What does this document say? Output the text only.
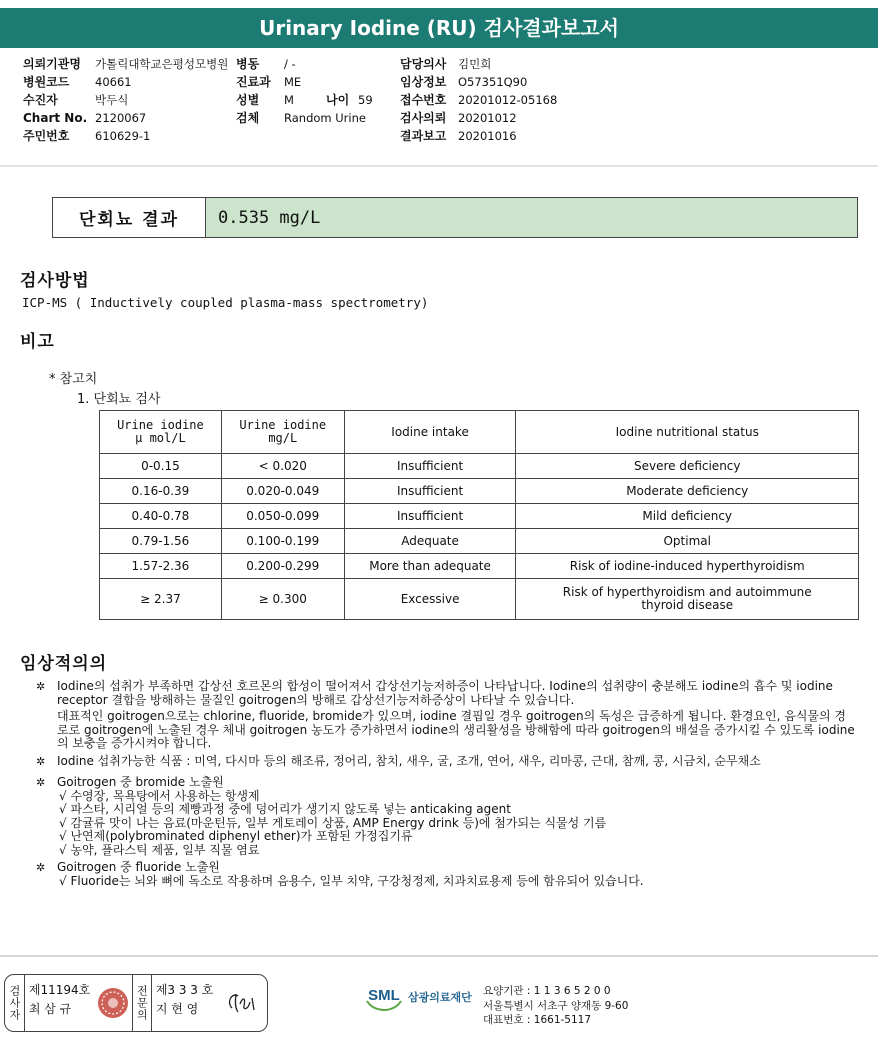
Urinary Iodine (RU) 검사결과보고서
의뢰기관명 가톨릭대학교은평성모병원
병원코드 40661
수진자	박두식
Chart No. 2120067
주민번호 610629-1
병동 / -
진료과 ME
성별 M	나이 59
검체 Random Urine
담당의사 김민희
임상정보 O57351Q90
접수번호 20201012-05168
검사의뢰 20201012
결과보고 20201016
단회뇨 결과	0.535 mg/L
검사방법
ICP-MS ( Inductively coupled plasma-mass spectrometry)
비고
* 참고치
1. 단회뇨 검사
Urine iodine
μ mol/L	Urine iodine
mg/L	Iodine intake	Iodine nutritional status
0-0.15	< 0.020	Insufficient	Severe deficiency
0.16-0.39	0.020-0.049	Insufficient	Moderate deficiency
0.40-0.78	0.050-0.099	Insufficient	Mild deficiency
0.79-1.56	0.100-0.199	Adequate	Optimal
1.57-2.36	0.200-0.299	More than adequate	Risk of iodine-induced hyperthyroidism
≥ 2.37	≥ 0.300	Excessive	Risk of hyperthyroidism and autoimmune
thyroid disease
임상적의의
✲ Iodine의 섭취가 부족하면 갑상선 호르몬의 합성이 떨어져서 갑상선기능저하증이 나타납니다. Iodine의 섭취량이 충분해도 iodine의 흡수 및 iodine receptor 결합을 방해하는 물질인 goitrogen의 방해로 갑상선기능저하증상이 나타날 수 있습니다.

대표적인 goitrogen으로는 chlorine, fluoride, bromide가 있으며, iodine 결핍일 경우 goitrogen의 독성은 급증하게 됩니다. 환경요인, 음식물의 경로로 goitrogen에 노출된 경우 체내 goitrogen 농도가 증가하면서 iodine의 생리활성을 방해함에 따라 goitrogen의 배설을 증가시킬 수 있도록 iodine의 보충을 증가시켜야 합니다.

✲ Iodine 섭취가능한 식품 : 미역, 다시마 등의 해조류, 정어리, 참치, 새우, 굴, 조개, 연어, 새우, 리마콩, 근대, 참깨, 콩, 시금치, 순무채소

✲ Goitrogen 중 bromide 노출원
√ 수영장, 목욕탕에서 사용하는 항생제
√ 파스타, 시리얼 등의 제빵과정 중에 덩어리가 생기지 않도록 넣는 anticaking agent
√ 감귤류 맛이 나는 음료(마운틴듀, 일부 게토레이 상품, AMP Energy drink 등)에 첨가되는 식물성 기름
√ 난연제(polybrominated diphenyl ether)가 포함된 가정집기류
√ 농약, 플라스틱 제품, 일부 직물 염료
✲ Goitrogen 중 fluoride 노출원
√ Fluoride는 뇌와 뼈에 독소로 작용하며 음용수, 일부 치약, 구강청정제, 치과치료용제 등에 함유되어 있습니다.
검사자 제11194호
최 삼 규	전문의 제3 3 3 호
지 현 영
SML 삼광의료재단 요양기관 : 1 1 3 6 5 2 0 0
서울특별시 서초구 양재동 9-60
대표번호 : 1661-5117
